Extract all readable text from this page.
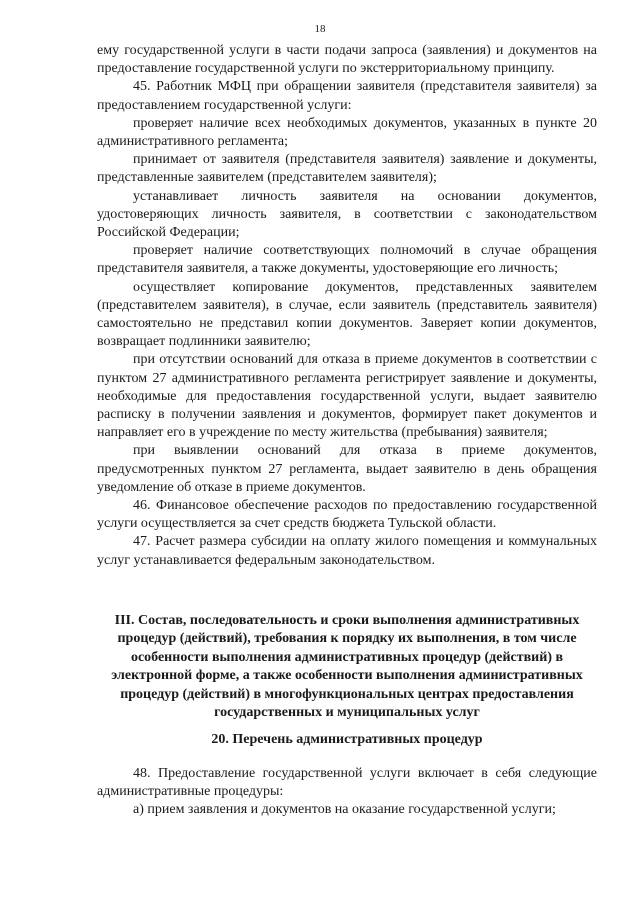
18

ему государственной услуги в части подачи запроса (заявления) и документов на предоставление государственной услуги по экстерриториальному принципу.

45. Работник МФЦ при обращении заявителя (представителя заявителя) за предоставлением государственной услуги:

проверяет наличие всех необходимых документов, указанных в пункте 20 административного регламента;

принимает от заявителя (представителя заявителя) заявление и документы, представленные заявителем (представителем заявителя);

устанавливает личность заявителя на основании документов, удостоверяющих личность заявителя, в соответствии с законодательством Российской Федерации;

проверяет наличие соответствующих полномочий в случае обращения представителя заявителя, а также документы, удостоверяющие его личность;

осуществляет копирование документов, представленных заявителем (представителем заявителя), в случае, если заявитель (представитель заявителя) самостоятельно не представил копии документов. Заверяет копии документов, возвращает подлинники заявителю;

при отсутствии оснований для отказа в приеме документов в соответствии с пунктом 27 административного регламента регистрирует заявление и документы, необходимые для предоставления государственной услуги, выдает заявителю расписку в получении заявления и документов, формирует пакет документов и направляет его в учреждение по месту жительства (пребывания) заявителя;

при выявлении оснований для отказа в приеме документов, предусмотренных пунктом 27 регламента, выдает заявителю в день обращения уведомление об отказе в приеме документов.

46. Финансовое обеспечение расходов по предоставлению государственной услуги осуществляется за счет средств бюджета Тульской области.

47. Расчет размера субсидии на оплату жилого помещения и коммунальных услуг устанавливается федеральным законодательством.

III. Состав, последовательность и сроки выполнения административных процедур (действий), требования к порядку их выполнения, в том числе особенности выполнения административных процедур (действий) в электронной форме, а также особенности выполнения административных процедур (действий) в многофункциональных центрах предоставления государственных и муниципальных услуг
20. Перечень административных процедур

48. Предоставление государственной услуги включает в себя следующие административные процедуры:

а) прием заявления и документов на оказание государственной услуги;
